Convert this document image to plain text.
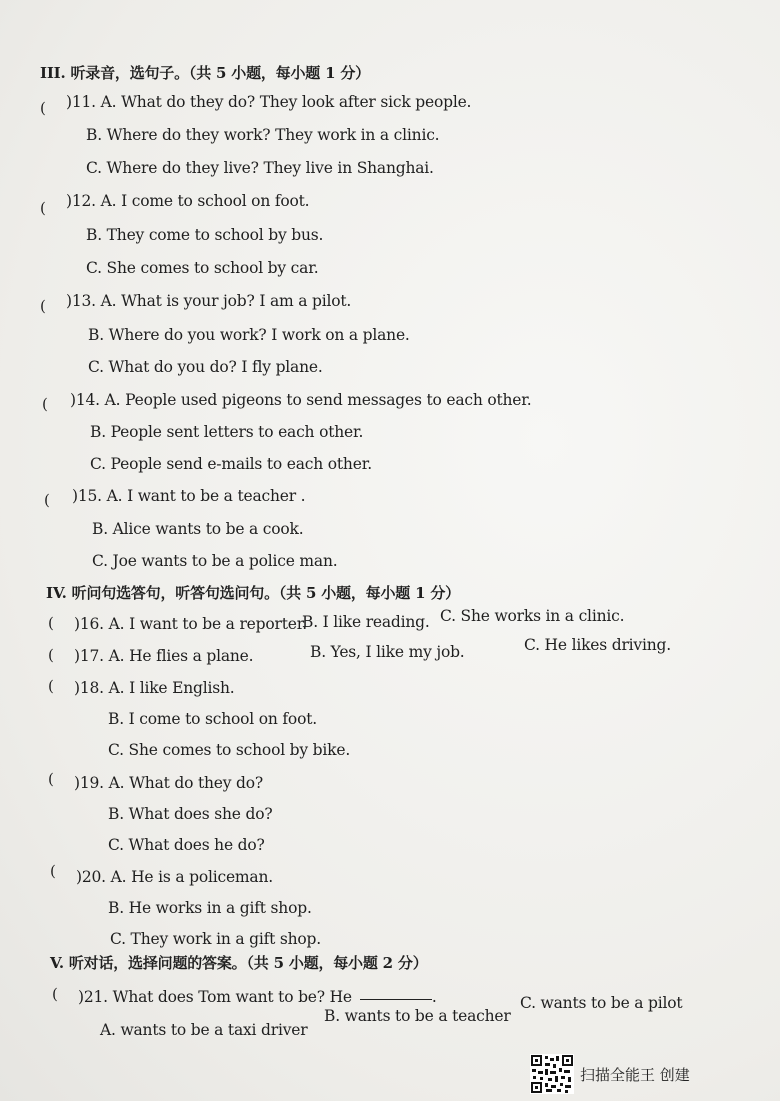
III. 听录音，选句子。（共 5 小题，每小题 1 分）
( )11. A. What do they do? They look after sick people.
B. Where do they work? They work in a clinic.
C. Where do they live? They live in Shanghai.
( )12. A. I come to school on foot.
B. They come to school by bus.
C. She comes to school by car.
( )13. A. What is your job? I am a pilot.
B. Where do you work? I work on a plane.
C. What do you do? I fly plane.
( )14. A. People used pigeons to send messages to each other.
B. People sent letters to each other.
C. People send e-mails to each other.
( )15. A. I want to be a teacher .
B. Alice wants to be a cook.
C. Joe wants to be a police man.
IV. 听问句选答句，听答句选问句。（共 5 小题，每小题 1 分）
( )16. A. I want to be a reporter.
B. I like reading. C. She works in a clinic.
( )17. A. He flies a plane.	B. Yes, I like my job.	C. He likes driving.
( )18. A. I like English.
B. I come to school on foot.
C. She comes to school by bike.
( )19. A. What do they do?
B. What does she do?
C. What does he do?
( )20. A. He is a policeman.
B. He works in a gift shop.
C. They work in a gift shop.
V. 听对话，选择问题的答案。（共 5 小题，每小题 2 分）
( )21. What does Tom want to be? He	.
A. wants to be a taxi driver
B. wants to be a teacher
C. wants to be a pilot
扫描全能王 创建
